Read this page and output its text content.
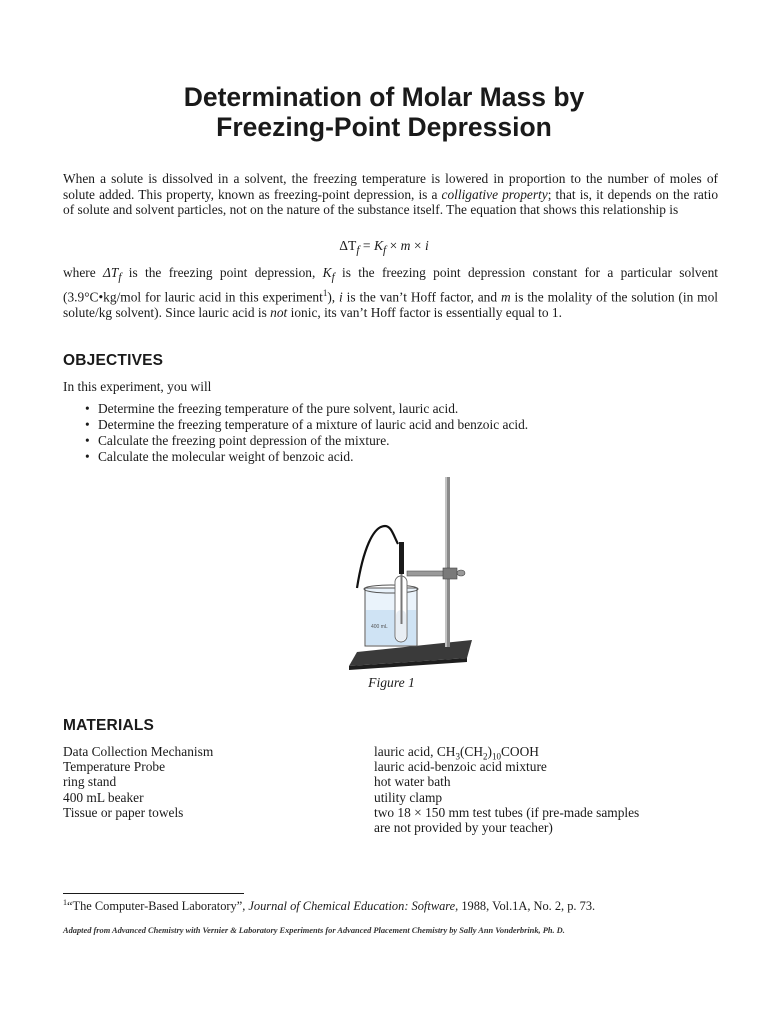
Determination of Molar Mass by
Freezing-Point Depression

When a solute is dissolved in a solvent, the freezing temperature is lowered in proportion to the number of moles of solute added. This property, known as freezing-point depression, is a colligative property; that is, it depends on the ratio of solute and solvent particles, not on the nature of the substance itself. The equation that shows this relationship is

$\Delta T_f = K_f \times m \times i$

where $\Delta T_f$ is the freezing point depression, $K_f$ is the freezing point depression constant for a particular solvent (3.9°C•kg/mol for lauric acid in this experiment$^1$), i is the van’t Hoff factor, and m is the molality of the solution (in mol solute/kg solvent). Since lauric acid is not ionic, its van’t Hoff factor is essentially equal to 1.

OBJECTIVES
In this experiment, you will
• Determine the freezing temperature of the pure solvent, lauric acid.
• Determine the freezing temperature of a mixture of lauric acid and benzoic acid.
• Calculate the freezing point depression of the mixture.
• Calculate the molecular weight of benzoic acid.
400 mL
Figure 1
MATERIALS
Data Collection Mechanism
Temperature Probe
ring stand
400 mL beaker
Tissue or paper towels
lauric acid, $CH_3(CH_2)_{10}COOH$
lauric acid-benzoic acid mixture
hot water bath
utility clamp
two 18 × 150 mm test tubes (if pre-made samples
are not provided by your teacher)
$^1$“The Computer-Based Laboratory”, Journal of Chemical Education: Software, 1988, Vol.1A, No. 2, p. 73.
Adapted from Advanced Chemistry with Vernier & Laboratory Experiments for Advanced Placement Chemistry by Sally Ann Vonderbrink, Ph. D.
